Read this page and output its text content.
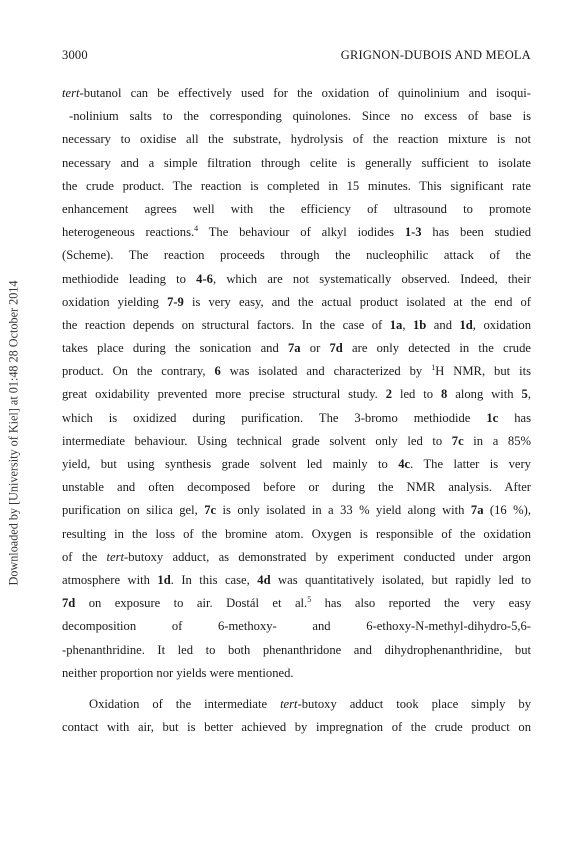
Downloaded by [University of Kiel] at 01:48 28 October 2014
3000	GRIGNON-DUBOIS AND MEOLA
tert-butanol can be effectively used for the oxidation of quinolinium and isoqui-
-nolinium salts to the corresponding quinolones. Since no excess of base is
necessary to oxidise all the substrate, hydrolysis of the reaction mixture is not
necessary and a simple filtration through celite is generally sufficient to isolate
the crude product. The reaction is completed in 15 minutes. This significant rate
enhancement agrees well with the efficiency of ultrasound to promote
heterogeneous reactions.$^4$ The behaviour of alkyl iodides 1-3 has been studied
(Scheme). The reaction proceeds through the nucleophilic attack of the
methiodide leading to 4-6, which are not systematically observed. Indeed, their
oxidation yielding 7-9 is very easy, and the actual product isolated at the end of
the reaction depends on structural factors. In the case of 1a, 1b and 1d, oxidation
takes place during the sonication and 7a or 7d are only detected in the crude
product. On the contrary, 6 was isolated and characterized by $^1$H NMR, but its
great oxidability prevented more precise structural study. 2 led to 8 along with 5,
which is oxidized during purification. The 3-bromo methiodide 1c has
intermediate behaviour. Using technical grade solvent only led to 7c in a 85%
yield, but using synthesis grade solvent led mainly to 4c. The latter is very
unstable and often decomposed before or during the NMR analysis. After
purification on silica gel, 7c is only isolated in a 33 % yield along with 7a (16 %),
resulting in the loss of the bromine atom. Oxygen is responsible of the oxidation
of the tert-butoxy adduct, as demonstrated by experiment conducted under argon
atmosphere with 1d. In this case, 4d was quantitatively isolated, but rapidly led to
7d on exposure to air. Dostál et al.$^5$ has also reported the very easy
decomposition of 6-methoxy- and 6-ethoxy-N-methyl-dihydro-5,6-
-phenanthridine. It led to both phenanthridone and dihydrophenanthridine, but
neither proportion nor yields were mentioned.
Oxidation of the intermediate tert-butoxy adduct took place simply by
contact with air, but is better achieved by impregnation of the crude product on
